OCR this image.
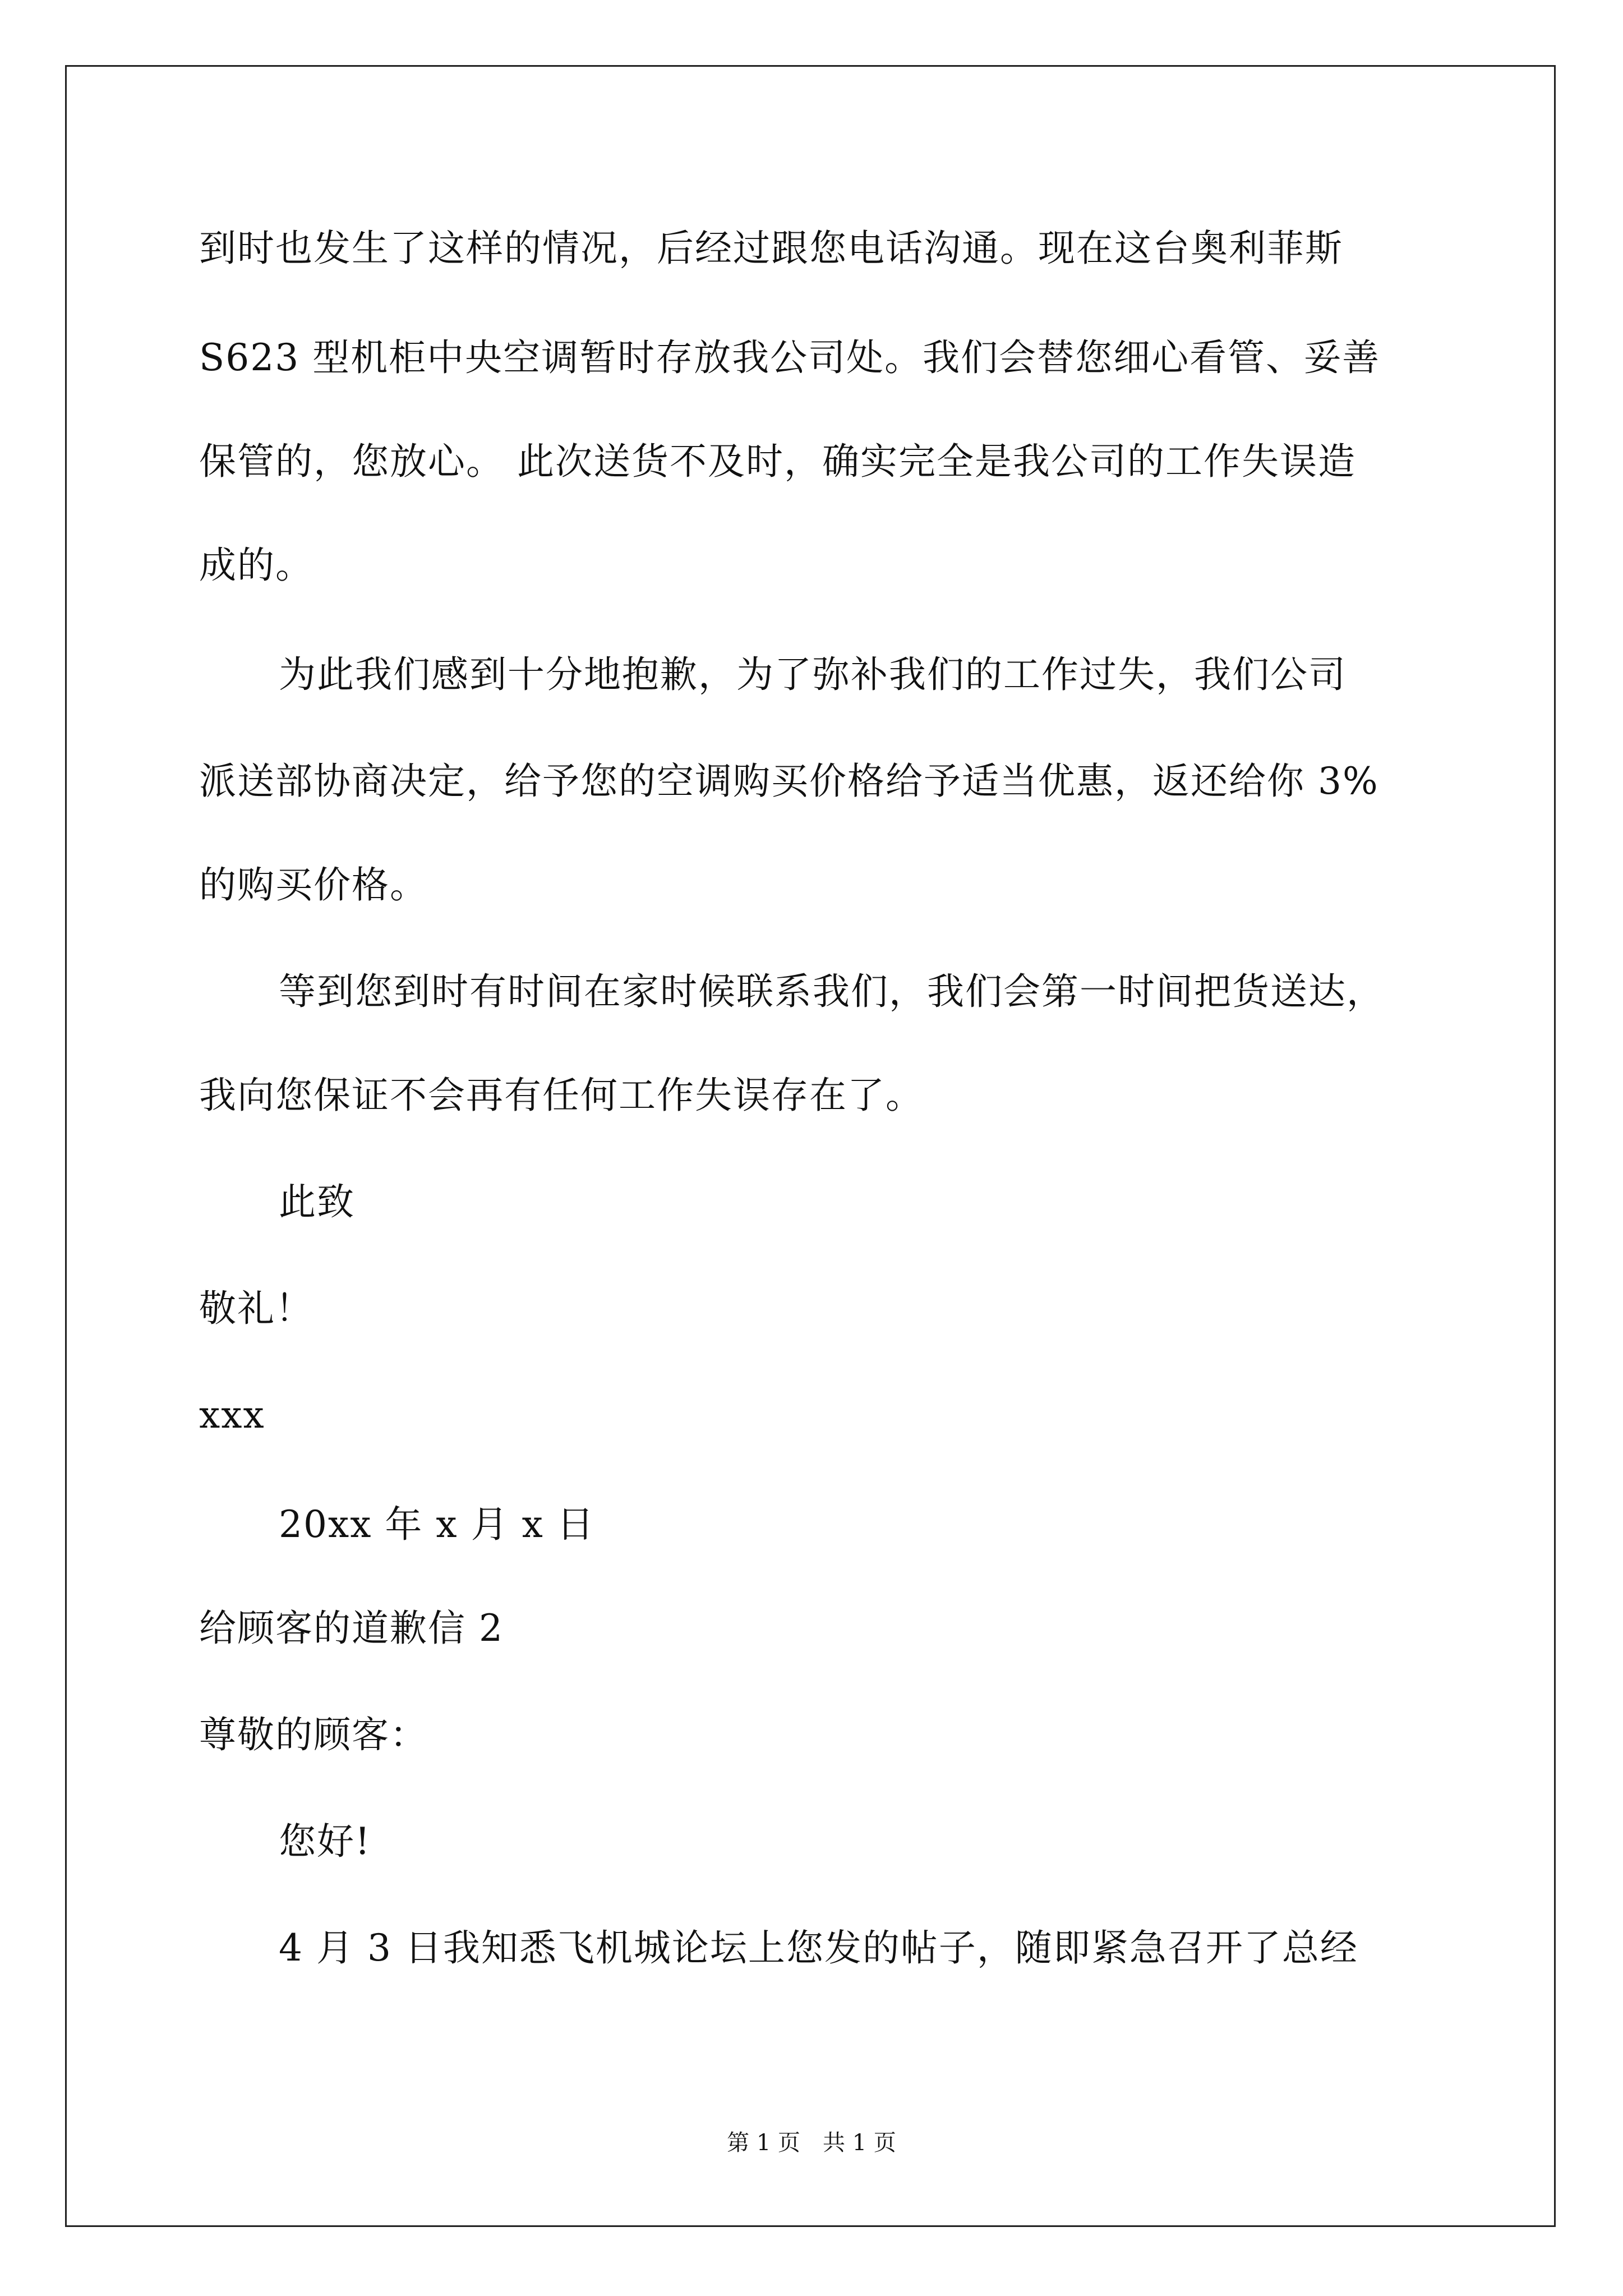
到时也发生了这样的情况，后经过跟您电话沟通。现在这台奥利菲斯
S623 型机柜中央空调暂时存放我公司处。我们会替您细心看管、妥善
保管的，您放心。 此次送货不及时，确实完全是我公司的工作失误造
成的。
为此我们感到十分地抱歉，为了弥补我们的工作过失，我们公司
派送部协商决定，给予您的空调购买价格给予适当优惠，返还给你 3%
的购买价格。
等到您到时有时间在家时候联系我们，我们会第一时间把货送达，
我向您保证不会再有任何工作失误存在了。
此致
敬礼！
xxx
20xx 年 x 月 x 日
给顾客的道歉信 2
尊敬的顾客：
您好!
4 月 3 日我知悉飞机城论坛上您发的帖子，随即紧急召开了总经
第 1 页　共 1 页
